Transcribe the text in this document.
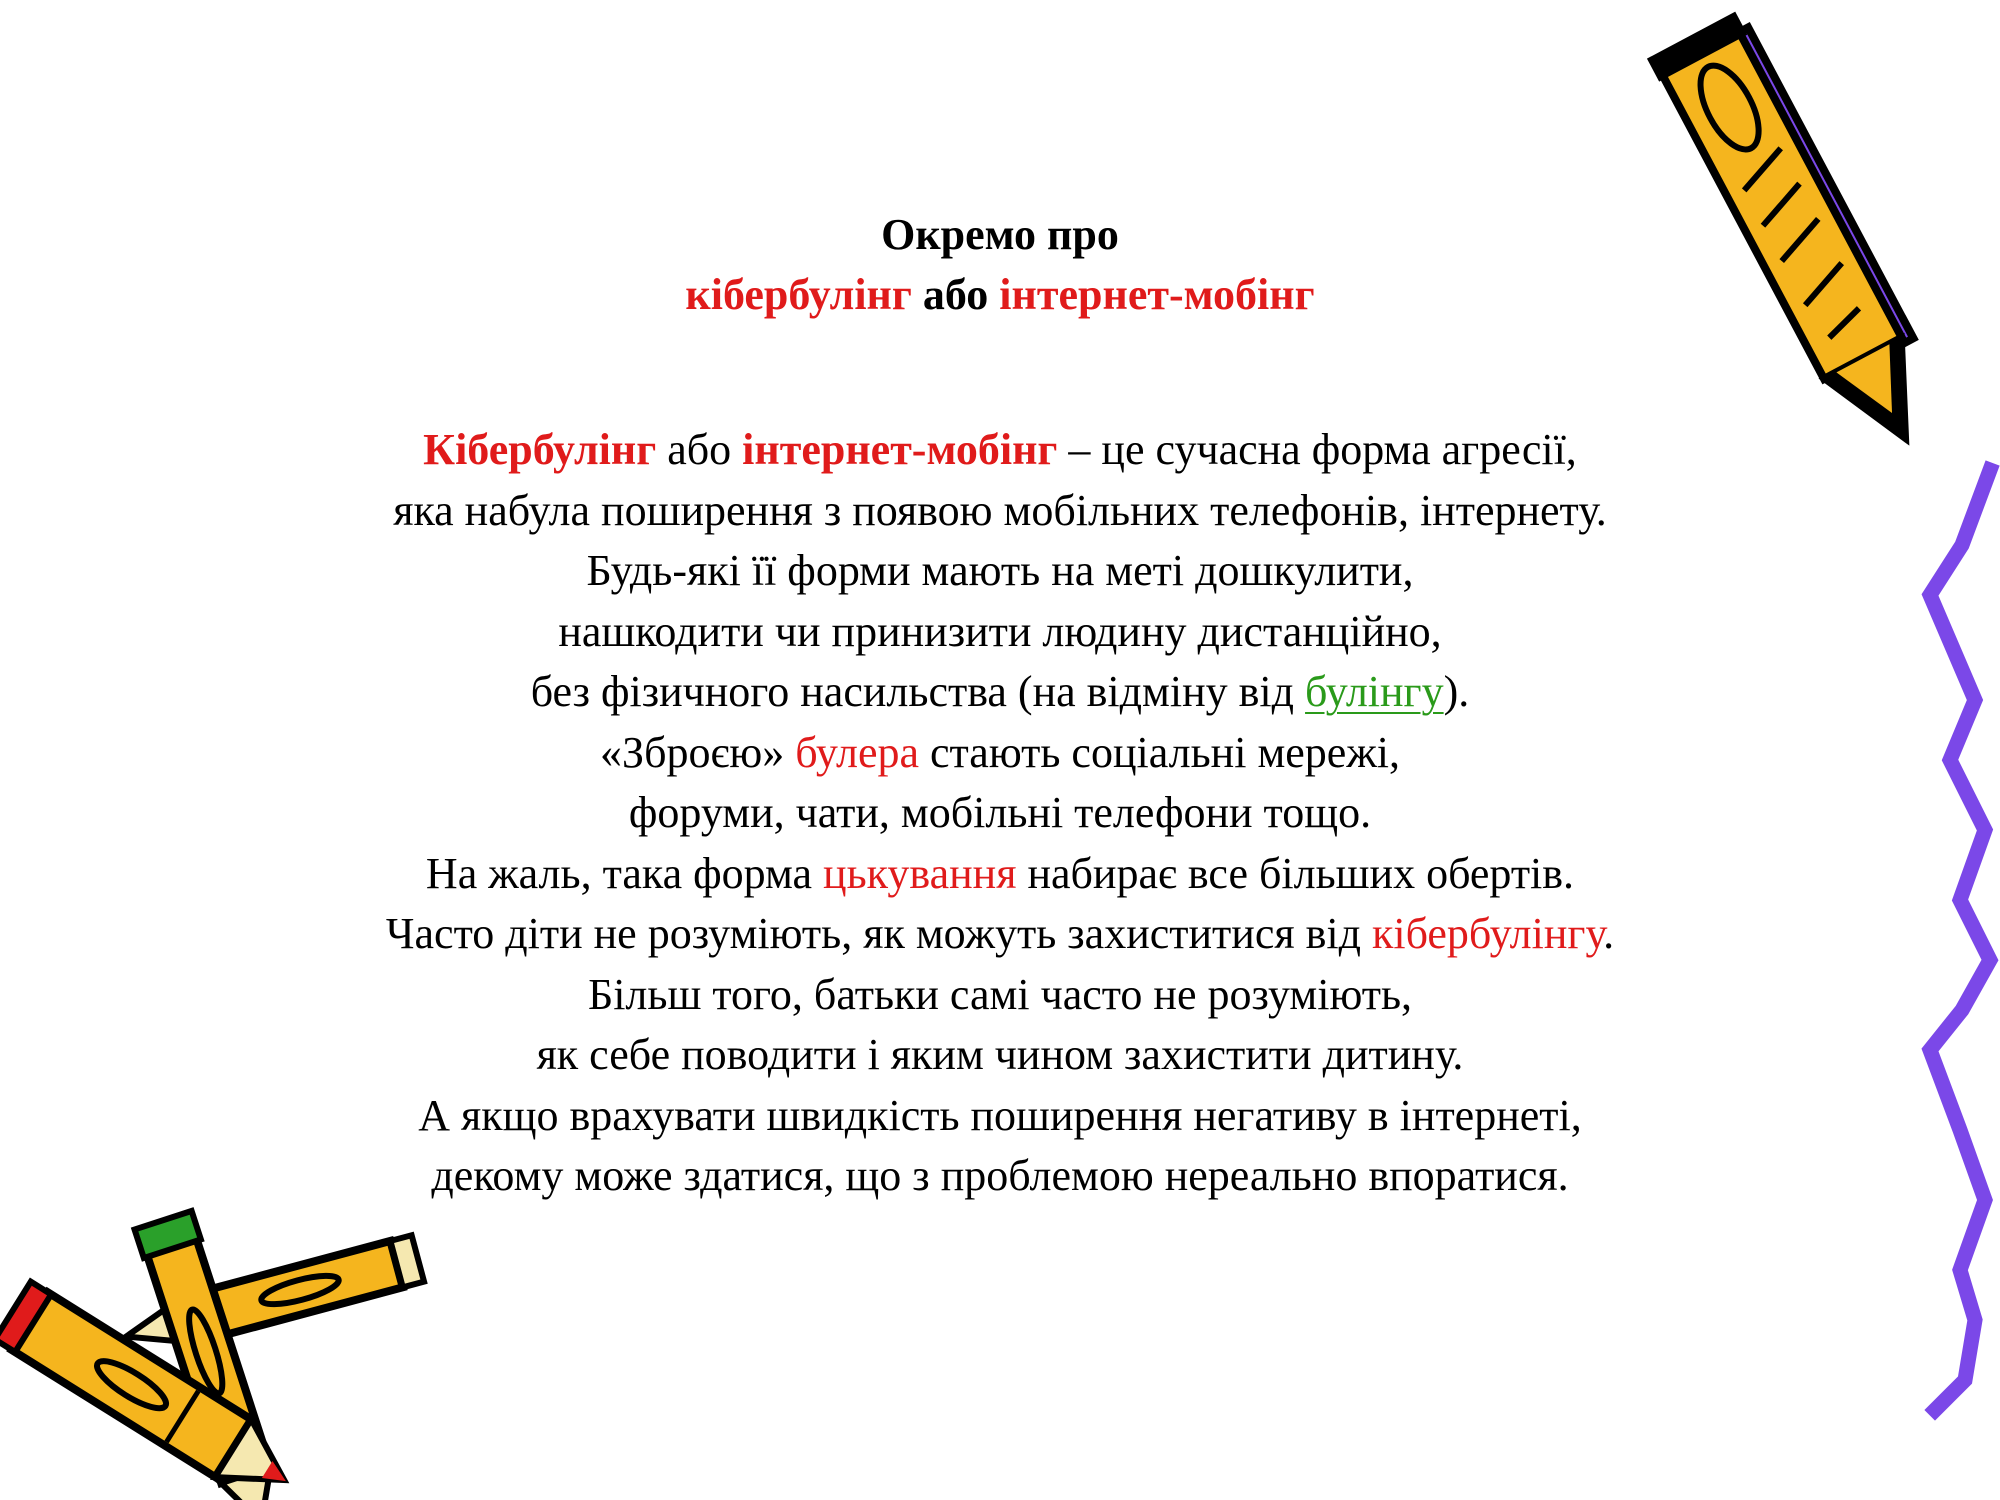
Окремо про
кібербулінг або інтернет-мобінг
Кібербулінг або інтернет-мобінг – це сучасна форма агресії,
яка набула поширення з появою мобільних телефонів, інтернету.
Будь-які її форми мають на меті дошкулити,
нашкодити чи принизити людину дистанційно,
без фізичного насильства (на відміну від булінгу).
«Зброєю» булера стають соціальні мережі,
форуми, чати, мобільні телефони тощо.
На жаль, така форма цькування набирає все більших обертів.
Часто діти не розуміють, як можуть захиститися від кібербулінгу.
Більш того, батьки самі часто не розуміють,
як себе поводити і яким чином захистити дитину.
А якщо врахувати швидкість поширення негативу в інтернеті,
декому може здатися, що з проблемою нереально впоратися.
